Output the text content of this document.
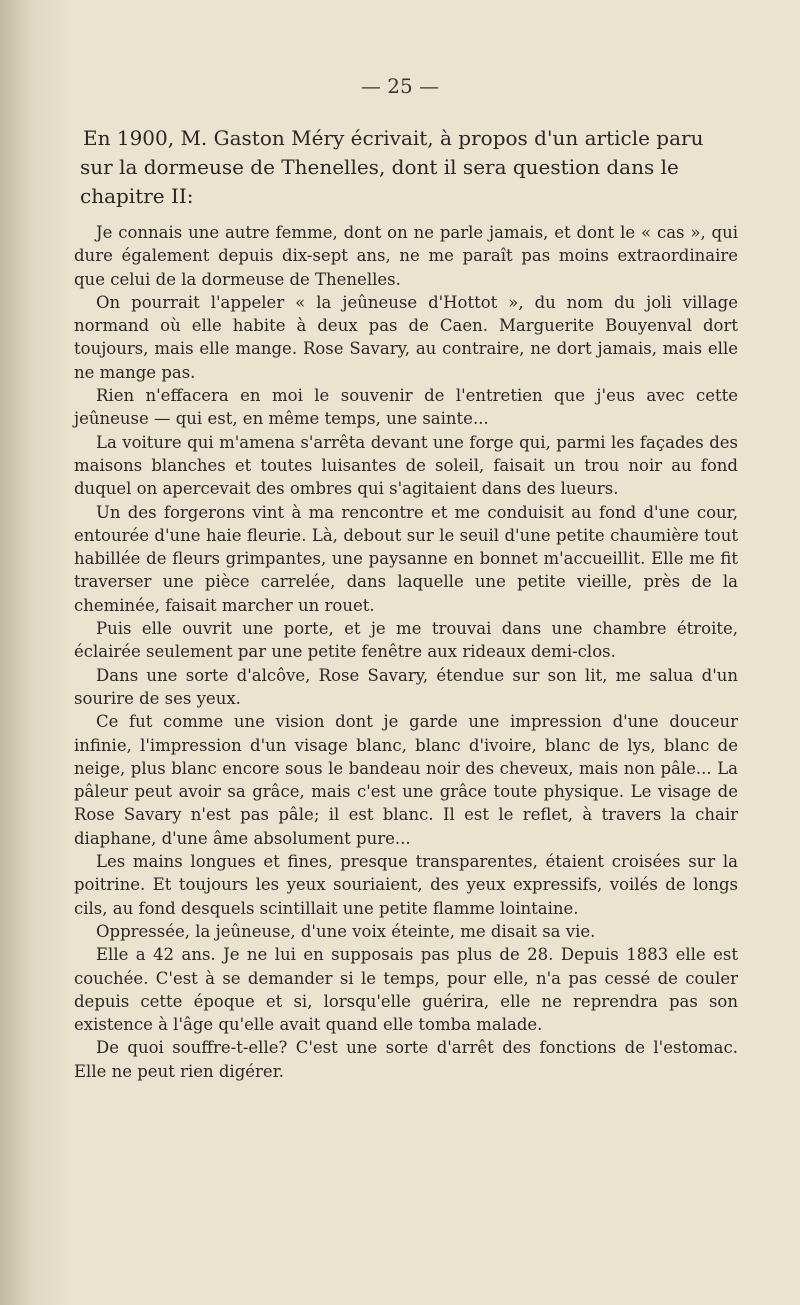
— 25 —

En 1900, M. Gaston Méry écrivait, à propos d'un article paru sur la dormeuse de Thenelles, dont il sera question dans le chapitre II:

Je connais une autre femme, dont on ne parle jamais, et dont le « cas », qui dure également depuis dix-sept ans, ne me paraît pas moins extraordinaire que celui de la dormeuse de Thenelles.

On pourrait l'appeler « la jeûneuse d'Hottot », du nom du joli village normand où elle habite à deux pas de Caen. Marguerite Bouyenval dort toujours, mais elle mange. Rose Savary, au contraire, ne dort jamais, mais elle ne mange pas.

Rien n'effacera en moi le souvenir de l'entretien que j'eus avec cette jeûneuse — qui est, en même temps, une sainte...

La voiture qui m'amena s'arrêta devant une forge qui, parmi les façades des maisons blanches et toutes luisantes de soleil, faisait un trou noir au fond duquel on apercevait des ombres qui s'agitaient dans des lueurs.

Un des forgerons vint à ma rencontre et me conduisit au fond d'une cour, entourée d'une haie fleurie. Là, debout sur le seuil d'une petite chaumière tout habillée de fleurs grimpantes, une paysanne en bonnet m'accueillit. Elle me fit traverser une pièce carrelée, dans laquelle une petite vieille, près de la cheminée, faisait marcher un rouet.

Puis elle ouvrit une porte, et je me trouvai dans une chambre étroite, éclairée seulement par une petite fenêtre aux rideaux demi-clos.

Dans une sorte d'alcôve, Rose Savary, étendue sur son lit, me salua d'un sourire de ses yeux.

Ce fut comme une vision dont je garde une impression d'une douceur infinie, l'impression d'un visage blanc, blanc d'ivoire, blanc de lys, blanc de neige, plus blanc encore sous le bandeau noir des cheveux, mais non pâle... La pâleur peut avoir sa grâce, mais c'est une grâce toute physique. Le visage de Rose Savary n'est pas pâle; il est blanc. Il est le reflet, à travers la chair diaphane, d'une âme absolument pure...

Les mains longues et fines, presque transparentes, étaient croisées sur la poitrine. Et toujours les yeux souriaient, des yeux expressifs, voilés de longs cils, au fond desquels scintillait une petite flamme lointaine.

Oppressée, la jeûneuse, d'une voix éteinte, me disait sa vie.

Elle a 42 ans. Je ne lui en supposais pas plus de 28. Depuis 1883 elle est couchée. C'est à se demander si le temps, pour elle, n'a pas cessé de couler depuis cette époque et si, lorsqu'elle guérira, elle ne reprendra pas son existence à l'âge qu'elle avait quand elle tomba malade.

De quoi souffre-t-elle? C'est une sorte d'arrêt des fonctions de l'estomac. Elle ne peut rien digérer.
